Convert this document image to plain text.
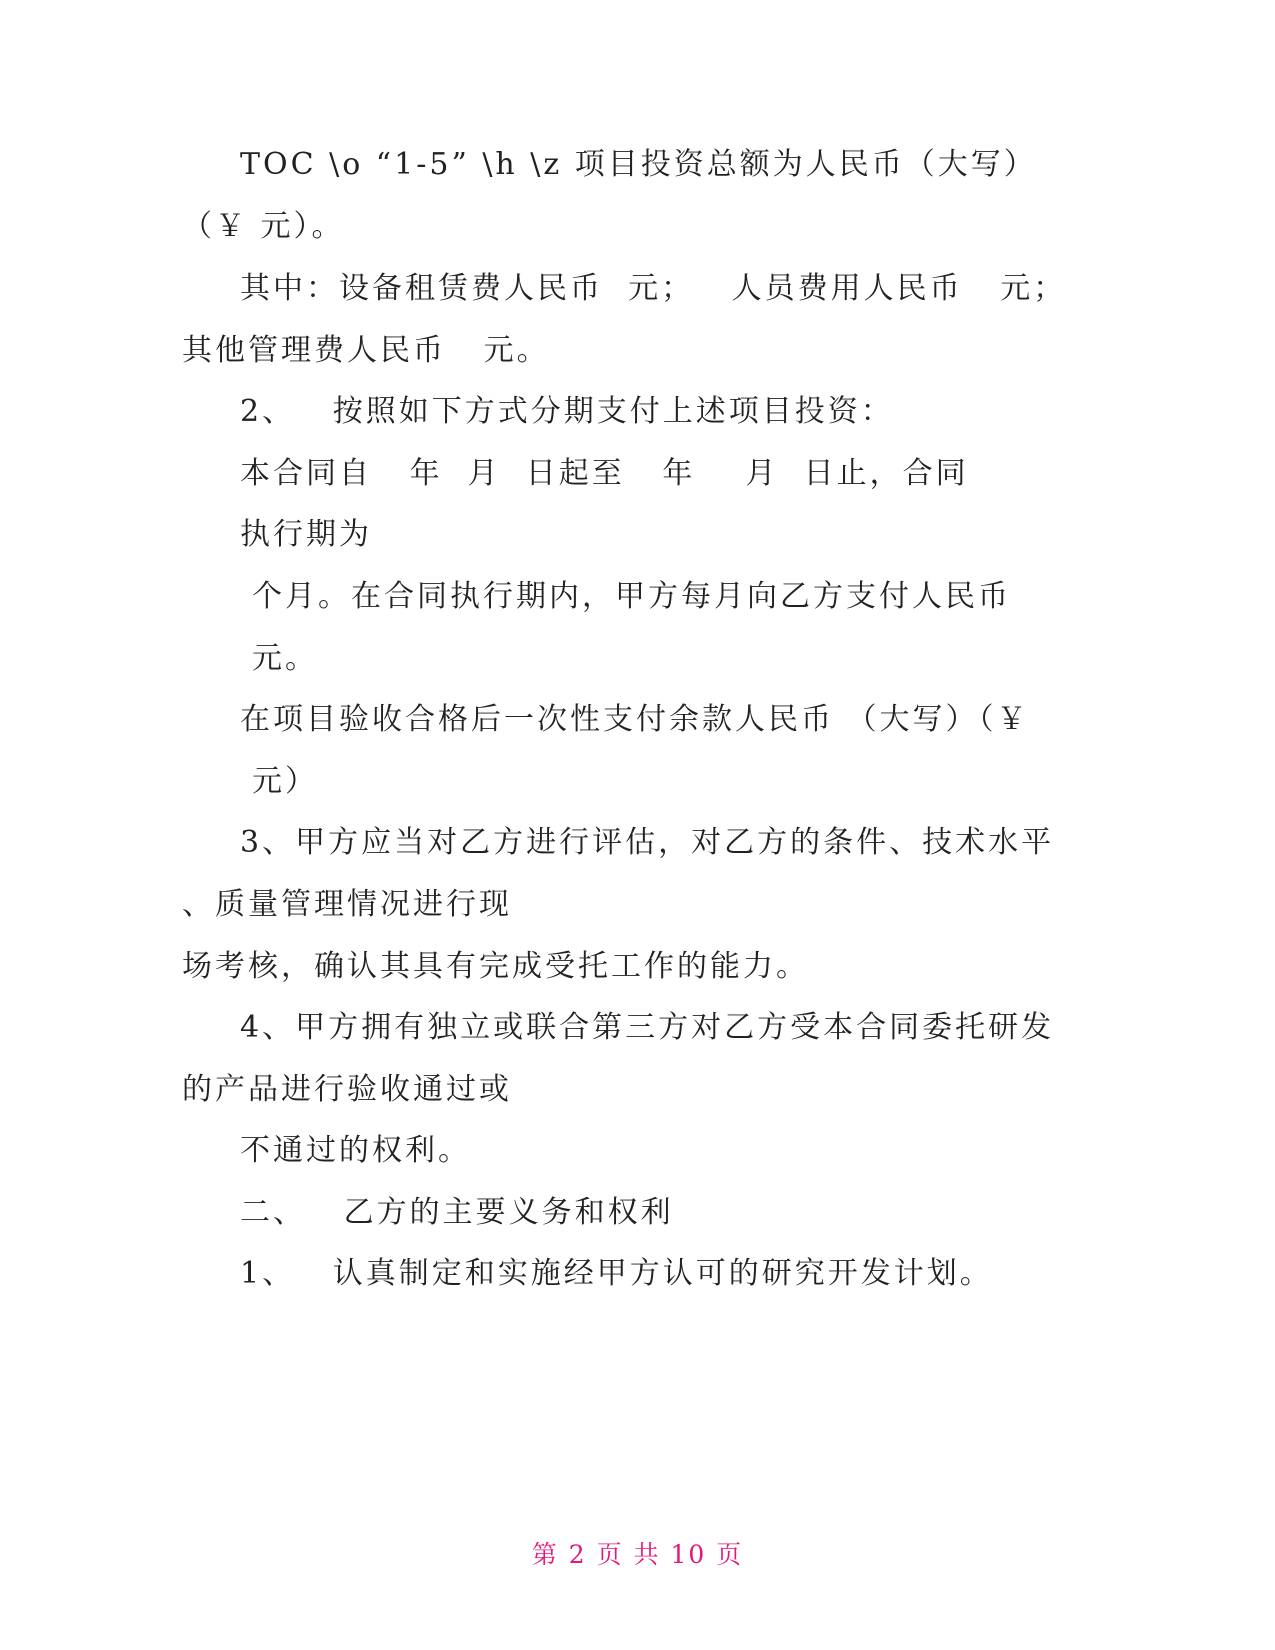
TOC \o “1-5” \h \z 项目投资总额为人民币（大写）

（￥ 元）。

其中：设备租赁费人民币  元；   人员费用人民币   元；

其他管理费人民币   元。

2、   按照如下方式分期支付上述项目投资：

本合同自   年  月  日起至   年    月  日止，合同

执行期为

个月。在合同执行期内，甲方每月向乙方支付人民币

元。

在项目验收合格后一次性支付余款人民币 （大写）（￥

元）

3、甲方应当对乙方进行评估，对乙方的条件、技术水平

、质量管理情况进行现

场考核，确认其具有完成受托工作的能力。

4、甲方拥有独立或联合第三方对乙方受本合同委托研发

的产品进行验收通过或

不通过的权利。

二、   乙方的主要义务和权利

1、   认真制定和实施经甲方认可的研究开发计划。

第 2 页 共 10 页
